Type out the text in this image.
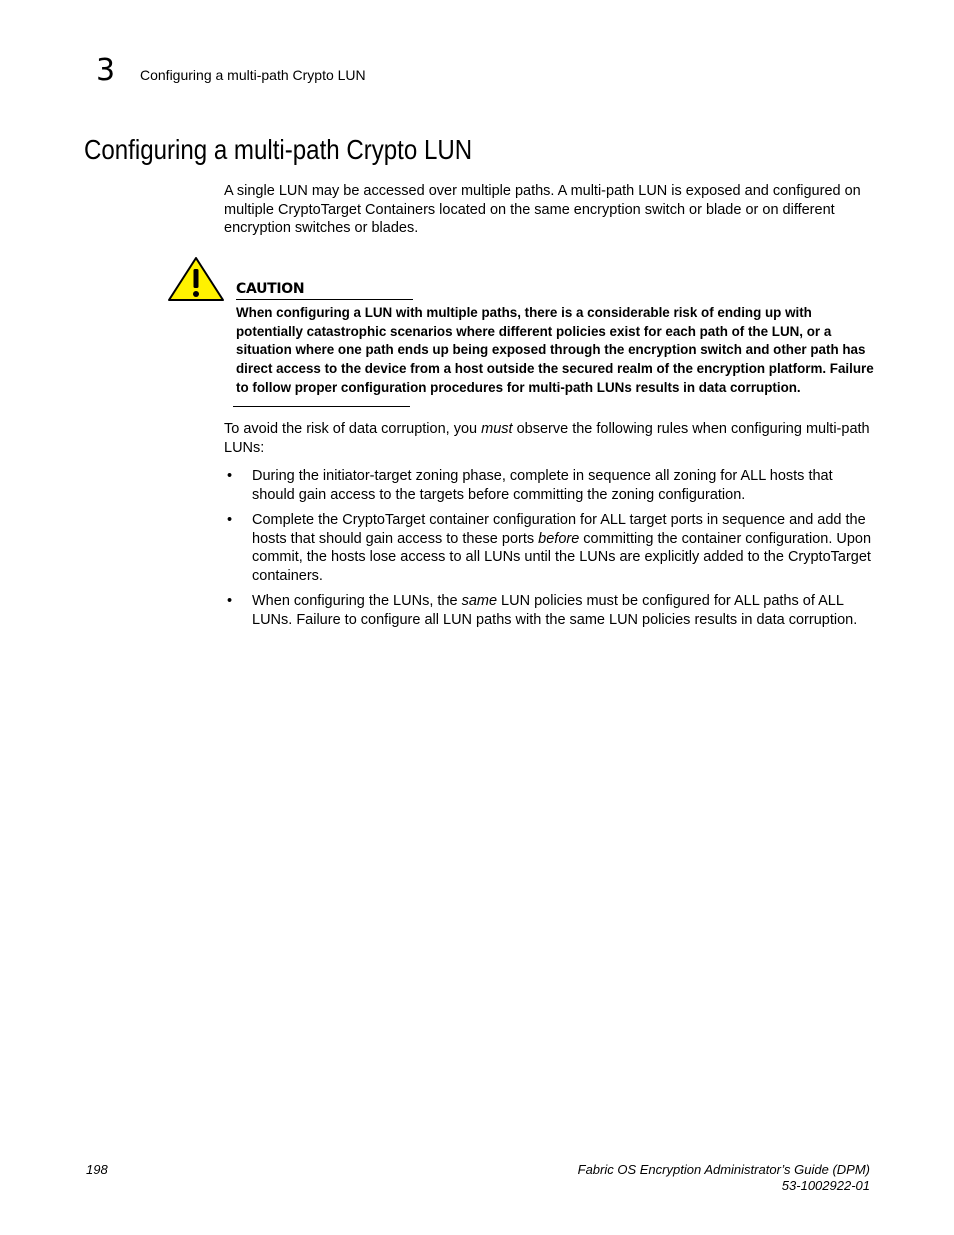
3 Configuring a multi-path Crypto LUN
Configuring a multi-path Crypto LUN

A single LUN may be accessed over multiple paths. A multi-path LUN is exposed and configured on multiple CryptoTarget Containers located on the same encryption switch or blade or on different encryption switches or blades.

CAUTION

When configuring a LUN with multiple paths, there is a considerable risk of ending up with potentially catastrophic scenarios where different policies exist for each path of the LUN, or a situation where one path ends up being exposed through the encryption switch and other path has direct access to the device from a host outside the secured realm of the encryption platform. Failure to follow proper configuration procedures for multi-path LUNs results in data corruption.

To avoid the risk of data corruption, you must observe the following rules when configuring multi-path LUNs:

• During the initiator-target zoning phase, complete in sequence all zoning for ALL hosts that should gain access to the targets before committing the zoning configuration.
• Complete the CryptoTarget container configuration for ALL target ports in sequence and add the hosts that should gain access to these ports before committing the container configuration. Upon commit, the hosts lose access to all LUNs until the LUNs are explicitly added to the CryptoTarget containers.
• When configuring the LUNs, the same LUN policies must be configured for ALL paths of ALL LUNs. Failure to configure all LUN paths with the same LUN policies results in data corruption.
198	Fabric OS Encryption Administrator’s Guide (DPM)
53-1002922-01
